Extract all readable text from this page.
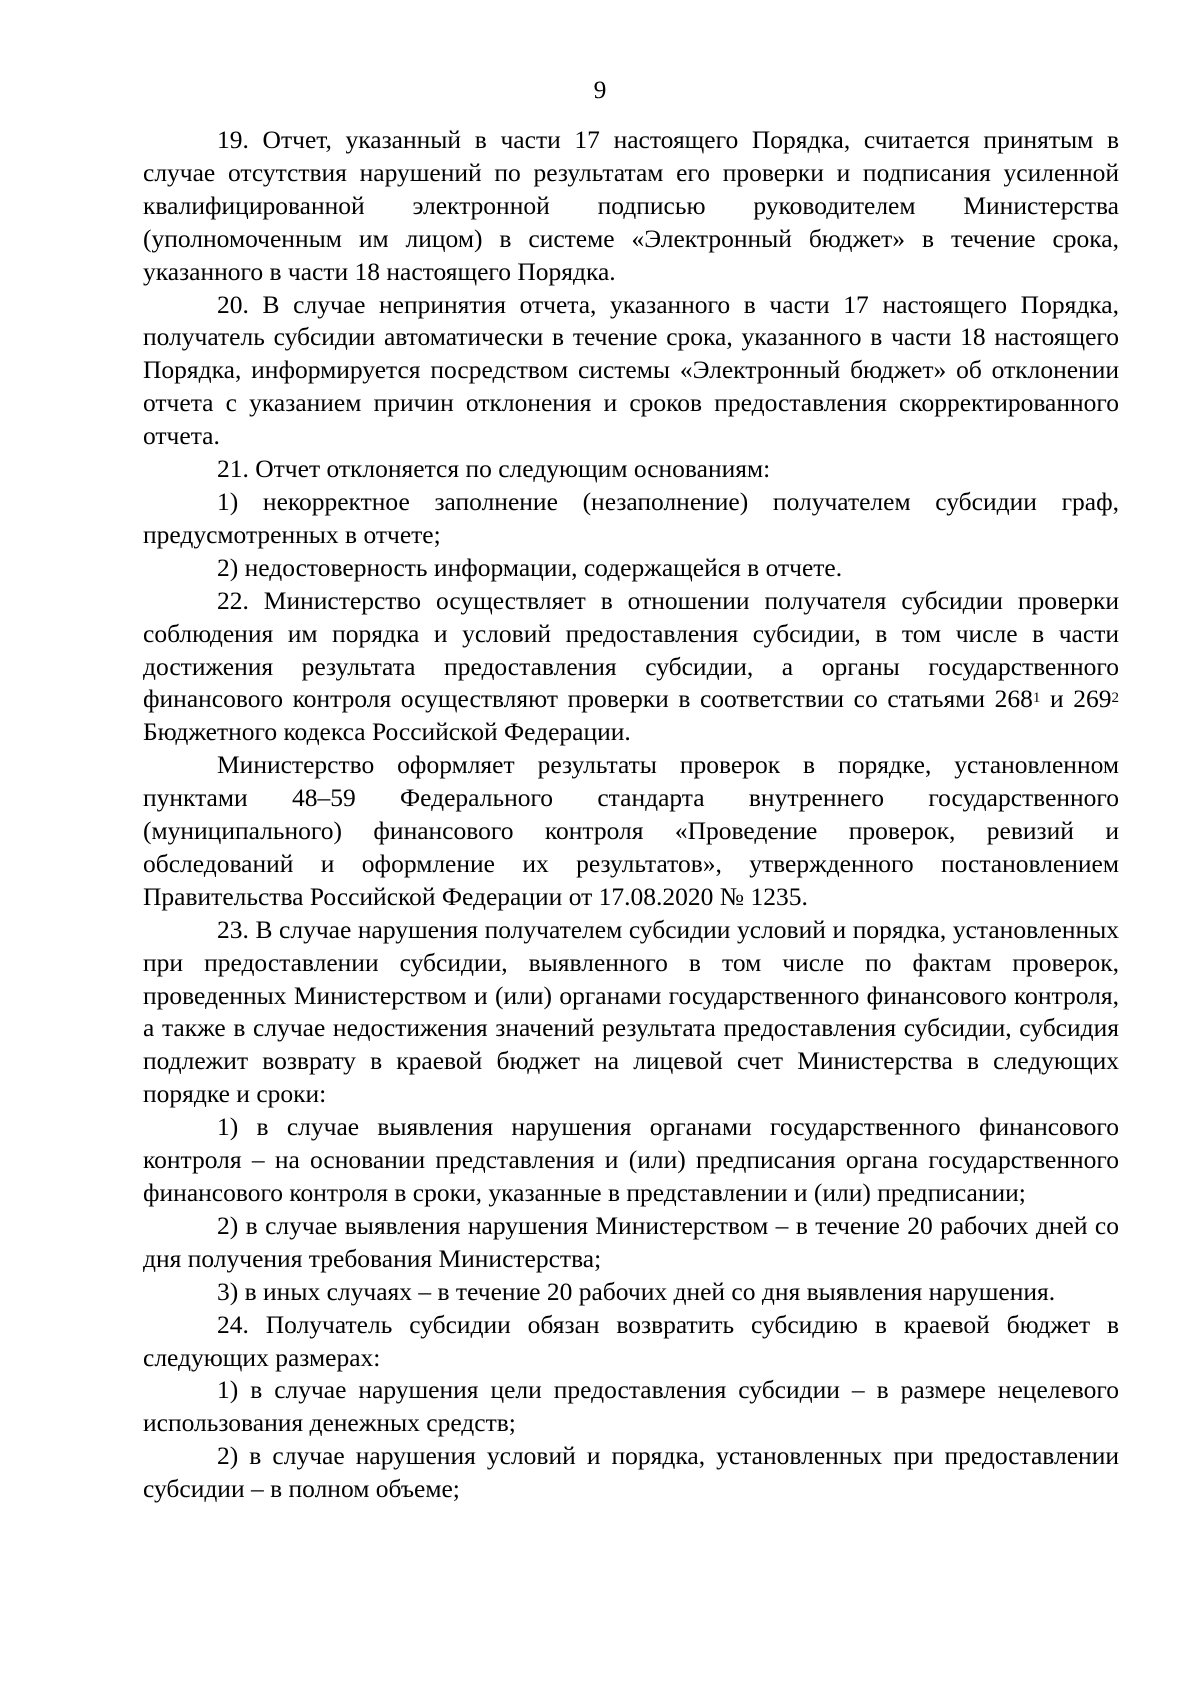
9

19. Отчет, указанный в части 17 настоящего Порядка, считается принятым в случае отсутствия нарушений по результатам его проверки и подписания усиленной квалифицированной электронной подписью руководителем Министерства (уполномоченным им лицом) в системе «Электронный бюджет» в течение срока, указанного в части 18 настоящего Порядка.

20. В случае непринятия отчета, указанного в части 17 настоящего Порядка, получатель субсидии автоматически в течение срока, указанного в части 18 настоящего Порядка, информируется посредством системы «Электронный бюджет» об отклонении отчета с указанием причин отклонения и сроков предоставления скорректированного отчета.

21. Отчет отклоняется по следующим основаниям:

1) некорректное заполнение (незаполнение) получателем субсидии граф, предусмотренных в отчете;

2) недостоверность информации, содержащейся в отчете.

22. Министерство осуществляет в отношении получателя субсидии проверки соблюдения им порядка и условий предоставления субсидии, в том числе в части достижения результата предоставления субсидии, а органы государственного финансового контроля осуществляют проверки в соответствии со статьями $268^1$ и $269^2$ Бюджетного кодекса Российской Федерации.

Министерство оформляет результаты проверок в порядке, установленном пунктами 48–59 Федерального стандарта внутреннего государственного (муниципального) финансового контроля «Проведение проверок, ревизий и обследований и оформление их результатов», утвержденного постановлением Правительства Российской Федерации от 17.08.2020 № 1235.

23. В случае нарушения получателем субсидии условий и порядка, установленных при предоставлении субсидии, выявленного в том числе по фактам проверок, проведенных Министерством и (или) органами государственного финансового контроля, а также в случае недостижения значений результата предоставления субсидии, субсидия подлежит возврату в краевой бюджет на лицевой счет Министерства в следующих порядке и сроки:

1) в случае выявления нарушения органами государственного финансового контроля – на основании представления и (или) предписания органа государственного финансового контроля в сроки, указанные в представлении и (или) предписании;

2) в случае выявления нарушения Министерством – в течение 20 рабочих дней со дня получения требования Министерства;

3) в иных случаях – в течение 20 рабочих дней со дня выявления нарушения.

24. Получатель субсидии обязан возвратить субсидию в краевой бюджет в следующих размерах:

1) в случае нарушения цели предоставления субсидии – в размере нецелевого использования денежных средств;

2) в случае нарушения условий и порядка, установленных при предоставлении субсидии – в полном объеме;
